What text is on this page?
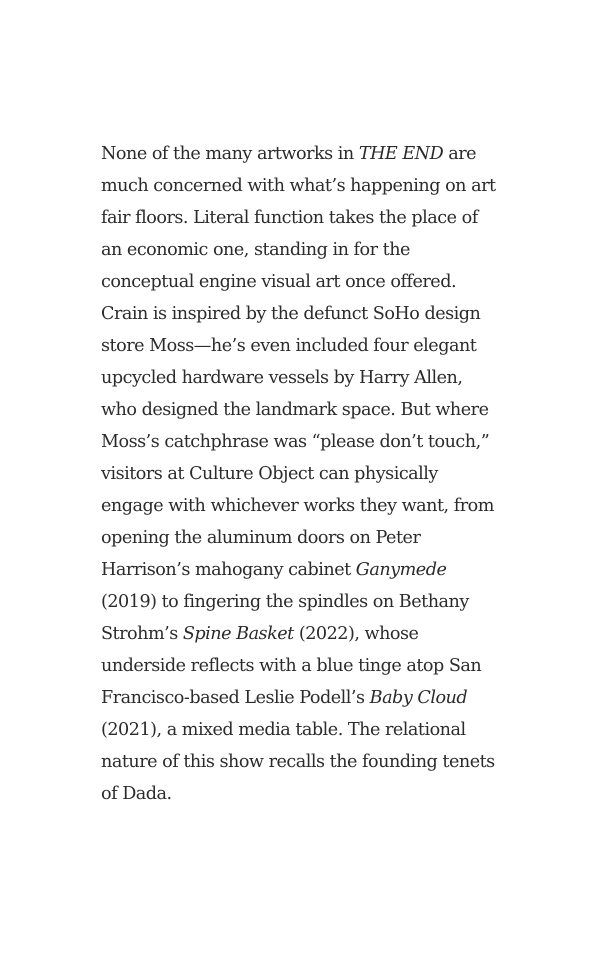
None of the many artworks in THE END are
much concerned with what’s happening on art
fair floors. Literal function takes the place of
an economic one, standing in for the
conceptual engine visual art once offered.
Crain is inspired by the defunct SoHo design
store Moss—he’s even included four elegant
upcycled hardware vessels by Harry Allen,
who designed the landmark space. But where
Moss’s catchphrase was “please don’t touch,”
visitors at Culture Object can physically
engage with whichever works they want, from
opening the aluminum doors on Peter
Harrison’s mahogany cabinet Ganymede
(2019) to fingering the spindles on Bethany
Strohm’s Spine Basket (2022), whose
underside reflects with a blue tinge atop San
Francisco-based Leslie Podell’s Baby Cloud
(2021), a mixed media table. The relational
nature of this show recalls the founding tenets
of Dada.
